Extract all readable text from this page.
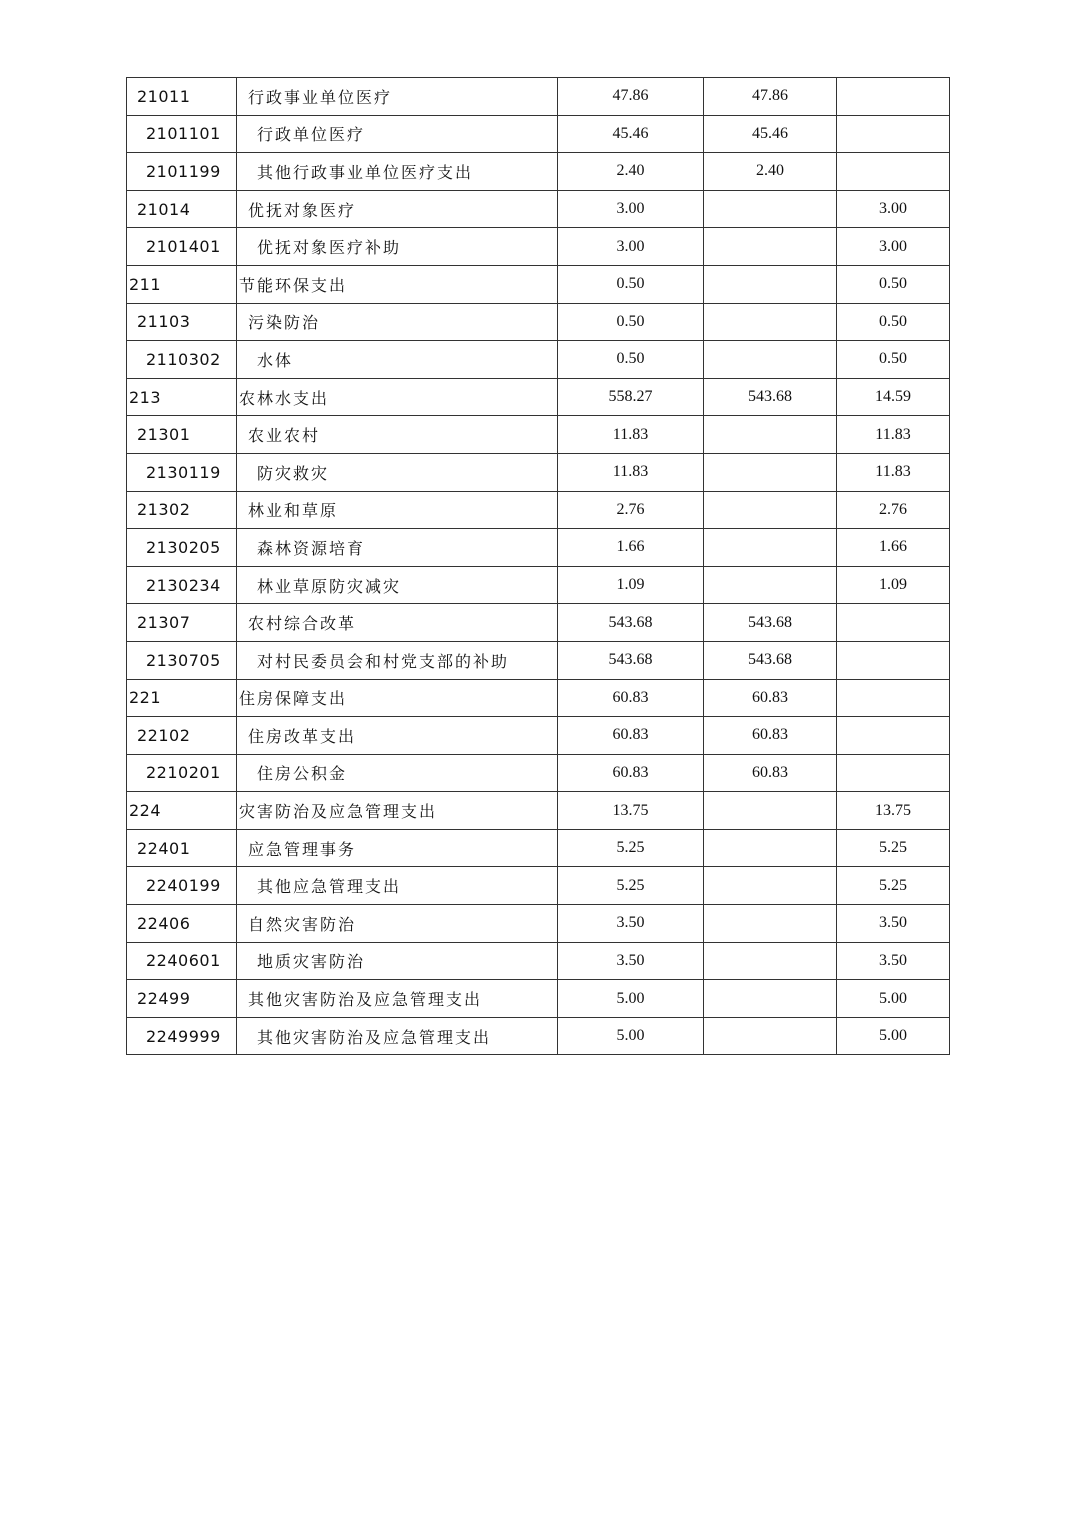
21011	行政事业单位医疗	47.86	47.86	
2101101	行政单位医疗	45.46	45.46	
2101199	其他行政事业单位医疗支出	2.40	2.40	
21014	优抚对象医疗	3.00		3.00
2101401	优抚对象医疗补助	3.00		3.00
211	节能环保支出	0.50		0.50
21103	污染防治	0.50		0.50
2110302	水体	0.50		0.50
213	农林水支出	558.27	543.68	14.59
21301	农业农村	11.83		11.83
2130119	防灾救灾	11.83		11.83
21302	林业和草原	2.76		2.76
2130205	森林资源培育	1.66		1.66
2130234	林业草原防灾减灾	1.09		1.09
21307	农村综合改革	543.68	543.68	
2130705	对村民委员会和村党支部的补助	543.68	543.68	
221	住房保障支出	60.83	60.83	
22102	住房改革支出	60.83	60.83	
2210201	住房公积金	60.83	60.83	
224	灾害防治及应急管理支出	13.75		13.75
22401	应急管理事务	5.25		5.25
2240199	其他应急管理支出	5.25		5.25
22406	自然灾害防治	3.50		3.50
2240601	地质灾害防治	3.50		3.50
22499	其他灾害防治及应急管理支出	5.00		5.00
2249999	其他灾害防治及应急管理支出	5.00		5.00
